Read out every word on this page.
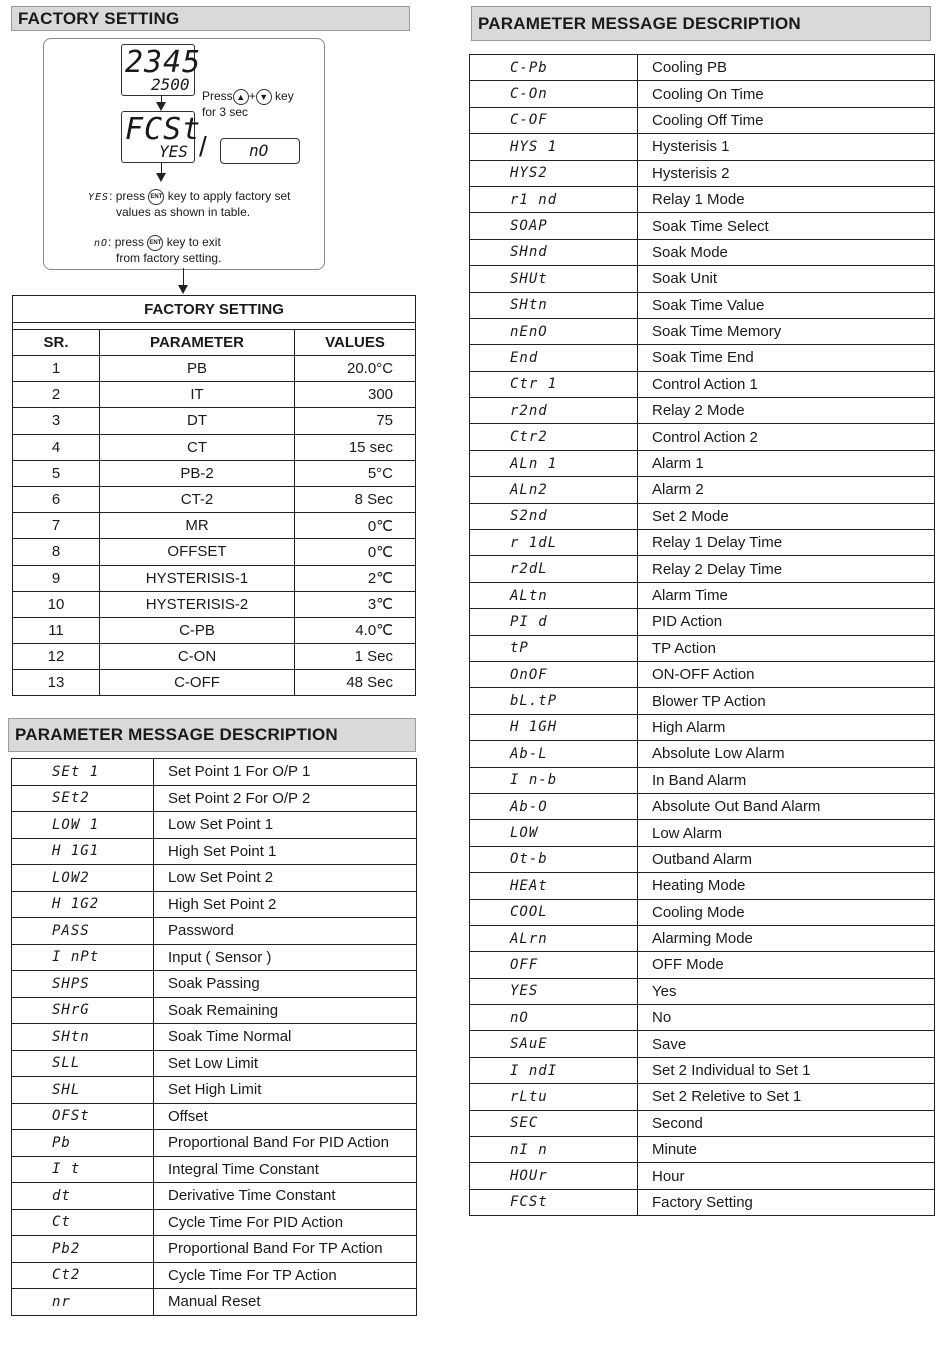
FACTORY SETTING
2345
2500
Press ▲ + ▼ key
for 3 sec
FCSt
YES /	nO
YES: press ENT key to apply factory set
values as shown in table.
nO: press ENT key to exit
from factory setting.
FACTORY SETTING		

SR.	PARAMETER	VALUES
1	PB	20.0°C
2	IT	300
3	DT	75
4	CT	15 sec
5	PB-2	5°C
6	CT-2	8 Sec
7	MR	0℃
8	OFFSET	0℃
9	HYSTERISIS-1	2℃
10	HYSTERISIS-2	3℃
11	C-PB	4.0℃
12	C-ON	1 Sec
13	C-OFF	48 Sec
PARAMETER MESSAGE DESCRIPTION
SEt 1	Set Point 1 For O/P 1
SEt2	Set Point 2 For O/P 2
LOW 1	Low Set Point 1
H 1G1	High Set Point 1
LOW2	Low Set Point 2
H 1G2	High Set Point 2
PASS	Password
I nPt	Input ( Sensor )
SHPS	Soak Passing
SHrG	Soak Remaining
SHtn	Soak Time Normal
SLL	Set Low Limit
SHL	Set High Limit
OFSt	Offset
Pb	Proportional Band For PID Action
I t	Integral Time Constant
dt	Derivative Time Constant
Ct	Cycle Time For PID Action
Pb2	Proportional Band For TP Action
Ct2	Cycle Time For TP Action
nr	Manual Reset
PARAMETER MESSAGE DESCRIPTION
C-Pb	Cooling PB
C-On	Cooling On Time
C-OF	Cooling Off Time
HYS 1	Hysterisis 1
HYS2	Hysterisis 2
r1 nd	Relay 1 Mode
SOAP	Soak Time Select
SHnd	Soak Mode
SHUt	Soak Unit
SHtn	Soak Time Value
nEnO	Soak Time Memory
End	Soak Time End
Ctr 1	Control Action 1
r2nd	Relay 2 Mode
Ctr2	Control Action 2
ALn 1	Alarm 1
ALn2	Alarm 2
S2nd	Set 2 Mode
r 1dL	Relay 1 Delay Time
r2dL	Relay 2 Delay Time
ALtn	Alarm Time
PI d	PID Action
tP	TP Action
OnOF	ON-OFF Action
bL.tP	Blower TP Action
H 1GH	High Alarm
Ab-L	Absolute Low Alarm
I n-b	In Band Alarm
Ab-O	Absolute Out Band Alarm
LOW	Low Alarm
Ot-b	Outband Alarm
HEAt	Heating Mode
COOL	Cooling Mode
ALrn	Alarming Mode
OFF	OFF Mode
YES	Yes
nO	No
SAuE	Save
I ndI	Set 2 Individual to Set 1
rLtu	Set 2 Reletive to Set 1
SEC	Second
nI n	Minute
HOUr	Hour
FCSt	Factory Setting
